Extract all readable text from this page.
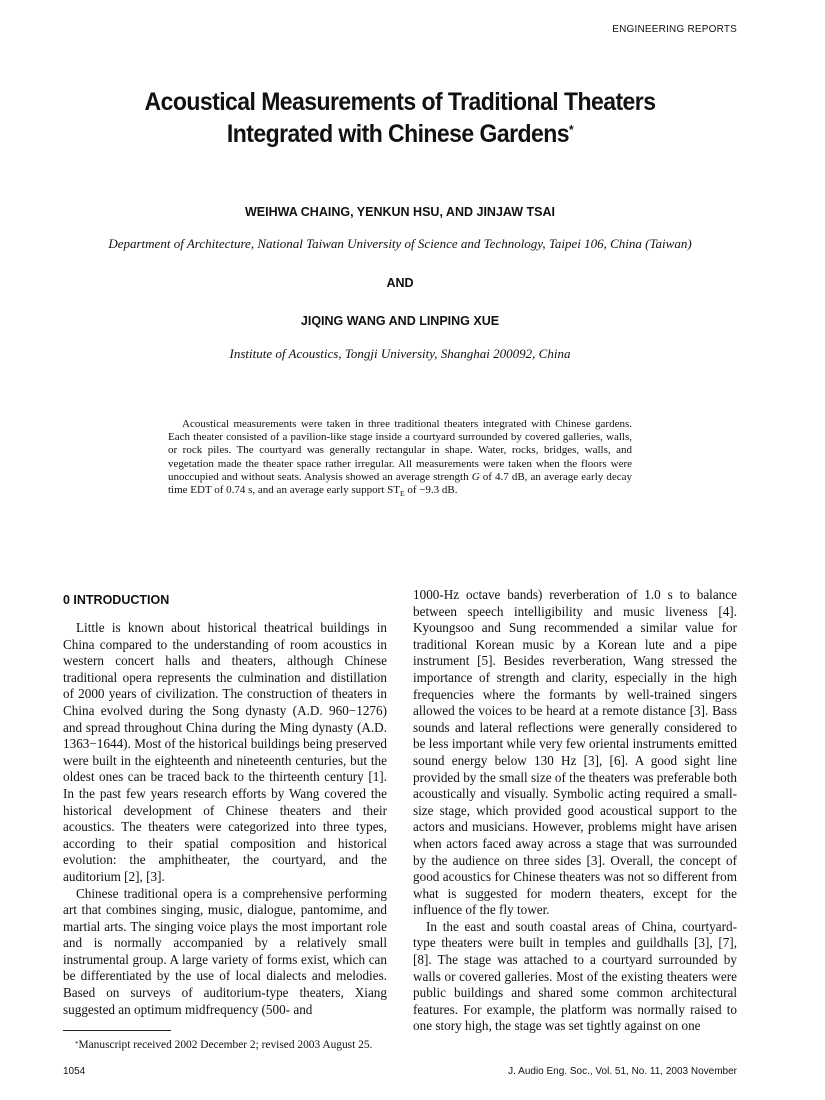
ENGINEERING REPORTS
Acoustical Measurements of Traditional Theaters
Integrated with Chinese Gardens*
WEIHWA CHAING, YENKUN HSU, AND JINJAW TSAI
Department of Architecture, National Taiwan University of Science and Technology, Taipei 106, China (Taiwan)
AND
JIQING WANG AND LINPING XUE
Institute of Acoustics, Tongji University, Shanghai 200092, China
Acoustical measurements were taken in three traditional theaters integrated with Chinese gardens. Each theater consisted of a pavilion-like stage inside a courtyard surrounded by covered galleries, walls, or rock piles. The courtyard was generally rectangular in shape. Water, rocks, bridges, walls, and vegetation made the theater space rather irregular. All measurements were taken when the floors were unoccupied and without seats. Analysis showed an average strength G of 4.7 dB, an average early decay time EDT of 0.74 s, and an average early support $ST_E$ of −9.3 dB.
0 INTRODUCTION

Little is known about historical theatrical buildings in China compared to the understanding of room acoustics in western concert halls and theaters, although Chinese traditional opera represents the culmination and distillation of 2000 years of civilization. The construction of theaters in China evolved during the Song dynasty (A.D. 960−1276) and spread throughout China during the Ming dynasty (A.D. 1363−1644). Most of the historical buildings being preserved were built in the eighteenth and nineteenth centuries, but the oldest ones can be traced back to the thirteenth century [1]. In the past few years research efforts by Wang covered the historical development of Chinese theaters and their acoustics. The theaters were categorized into three types, according to their spatial composition and historical evolution: the amphitheater, the courtyard, and the auditorium [2], [3].

Chinese traditional opera is a comprehensive performing art that combines singing, music, dialogue, pantomime, and martial arts. The singing voice plays the most important role and is normally accompanied by a relatively small instrumental group. A large variety of forms exist, which can be differentiated by the use of local dialects and melodies. Based on surveys of auditorium-type theaters, Xiang suggested an optimum midfrequency (500- and

1000-Hz octave bands) reverberation of 1.0 s to balance between speech intelligibility and music liveness [4]. Kyoungsoo and Sung recommended a similar value for traditional Korean music by a Korean lute and a pipe instrument [5]. Besides reverberation, Wang stressed the importance of strength and clarity, especially in the high frequencies where the formants by well-trained singers allowed the voices to be heard at a remote distance [3]. Bass sounds and lateral reflections were generally considered to be less important while very few oriental instruments emitted sound energy below 130 Hz [3], [6]. A good sight line provided by the small size of the theaters was preferable both acoustically and visually. Symbolic acting required a small-size stage, which provided good acoustical support to the actors and musicians. However, problems might have arisen when actors faced away across a stage that was surrounded by the audience on three sides [3]. Overall, the concept of good acoustics for Chinese theaters was not so different from what is suggested for modern theaters, except for the influence of the fly tower.

In the east and south coastal areas of China, courtyard-type theaters were built in temples and guildhalls [3], [7], [8]. The stage was attached to a courtyard surrounded by walls or covered galleries. Most of the existing theaters were public buildings and shared some common architectural features. For example, the platform was normally raised to one story high, the stage was set tightly against on one

*Manuscript received 2002 December 2; revised 2003 August 25.
1054	J. Audio Eng. Soc., Vol. 51, No. 11, 2003 November
